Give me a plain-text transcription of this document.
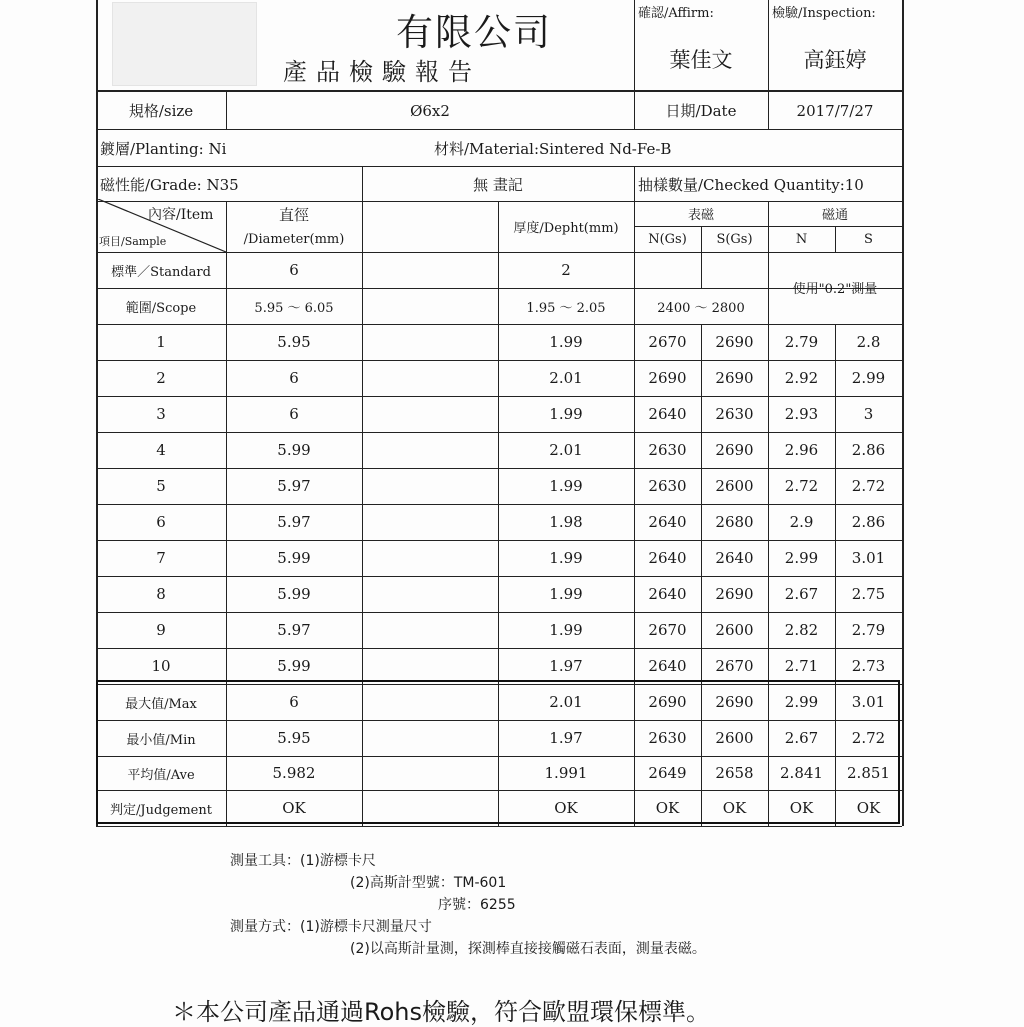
有限公司
產品檢驗報告
確認/Affirm:
葉佳文
檢驗/Inspection:
高鈺婷
規格/size	Ø6x2	日期/Date	2017/7/27
鍍層/Planting: Ni	材料/Material:Sintered Nd-Fe-B
磁性能/Grade: N35	無 畫記	抽樣數量/Checked Quantity:10
內容/Item
項目/Sample
直徑
/Diameter(mm)
厚度/Depht(mm)
表磁	磁通
N(Gs)	S(Gs)	N	S
標準／Standard	6	2
使用"0.2"測量
範圍/Scope	5.95 ～ 6.05	1.95 ～ 2.05	2400 ～ 2800
1	5.95	1.99	2670	2690	2.79	2.8
2	6	2.01	2690	2690	2.92	2.99
3	6	1.99	2640	2630	2.93	3
4	5.99	2.01	2630	2690	2.96	2.86
5	5.97	1.99	2630	2600	2.72	2.72
6	5.97	1.98	2640	2680	2.9	2.86
7	5.99	1.99	2640	2640	2.99	3.01
8	5.99	1.99	2640	2690	2.67	2.75
9	5.97	1.99	2670	2600	2.82	2.79
10	5.99	1.97	2640	2670	2.71	2.73
最大值/Max	6	2.01	2690	2690	2.99	3.01
最小值/Min	5.95	1.97	2630	2600	2.67	2.72
平均值/Ave	5.982	1.991	2649	2658	2.841	2.851
判定/Judgement	OK	OK	OK	OK	OK	OK
測量工具：(1)游標卡尺
(2)高斯計型號：TM-601
序號：6255
測量方式：(1)游標卡尺測量尺寸
(2)以高斯計量測，探測棒直接接觸磁石表面，測量表磁。
＊本公司產品通過Rohs檢驗，符合歐盟環保標準。
